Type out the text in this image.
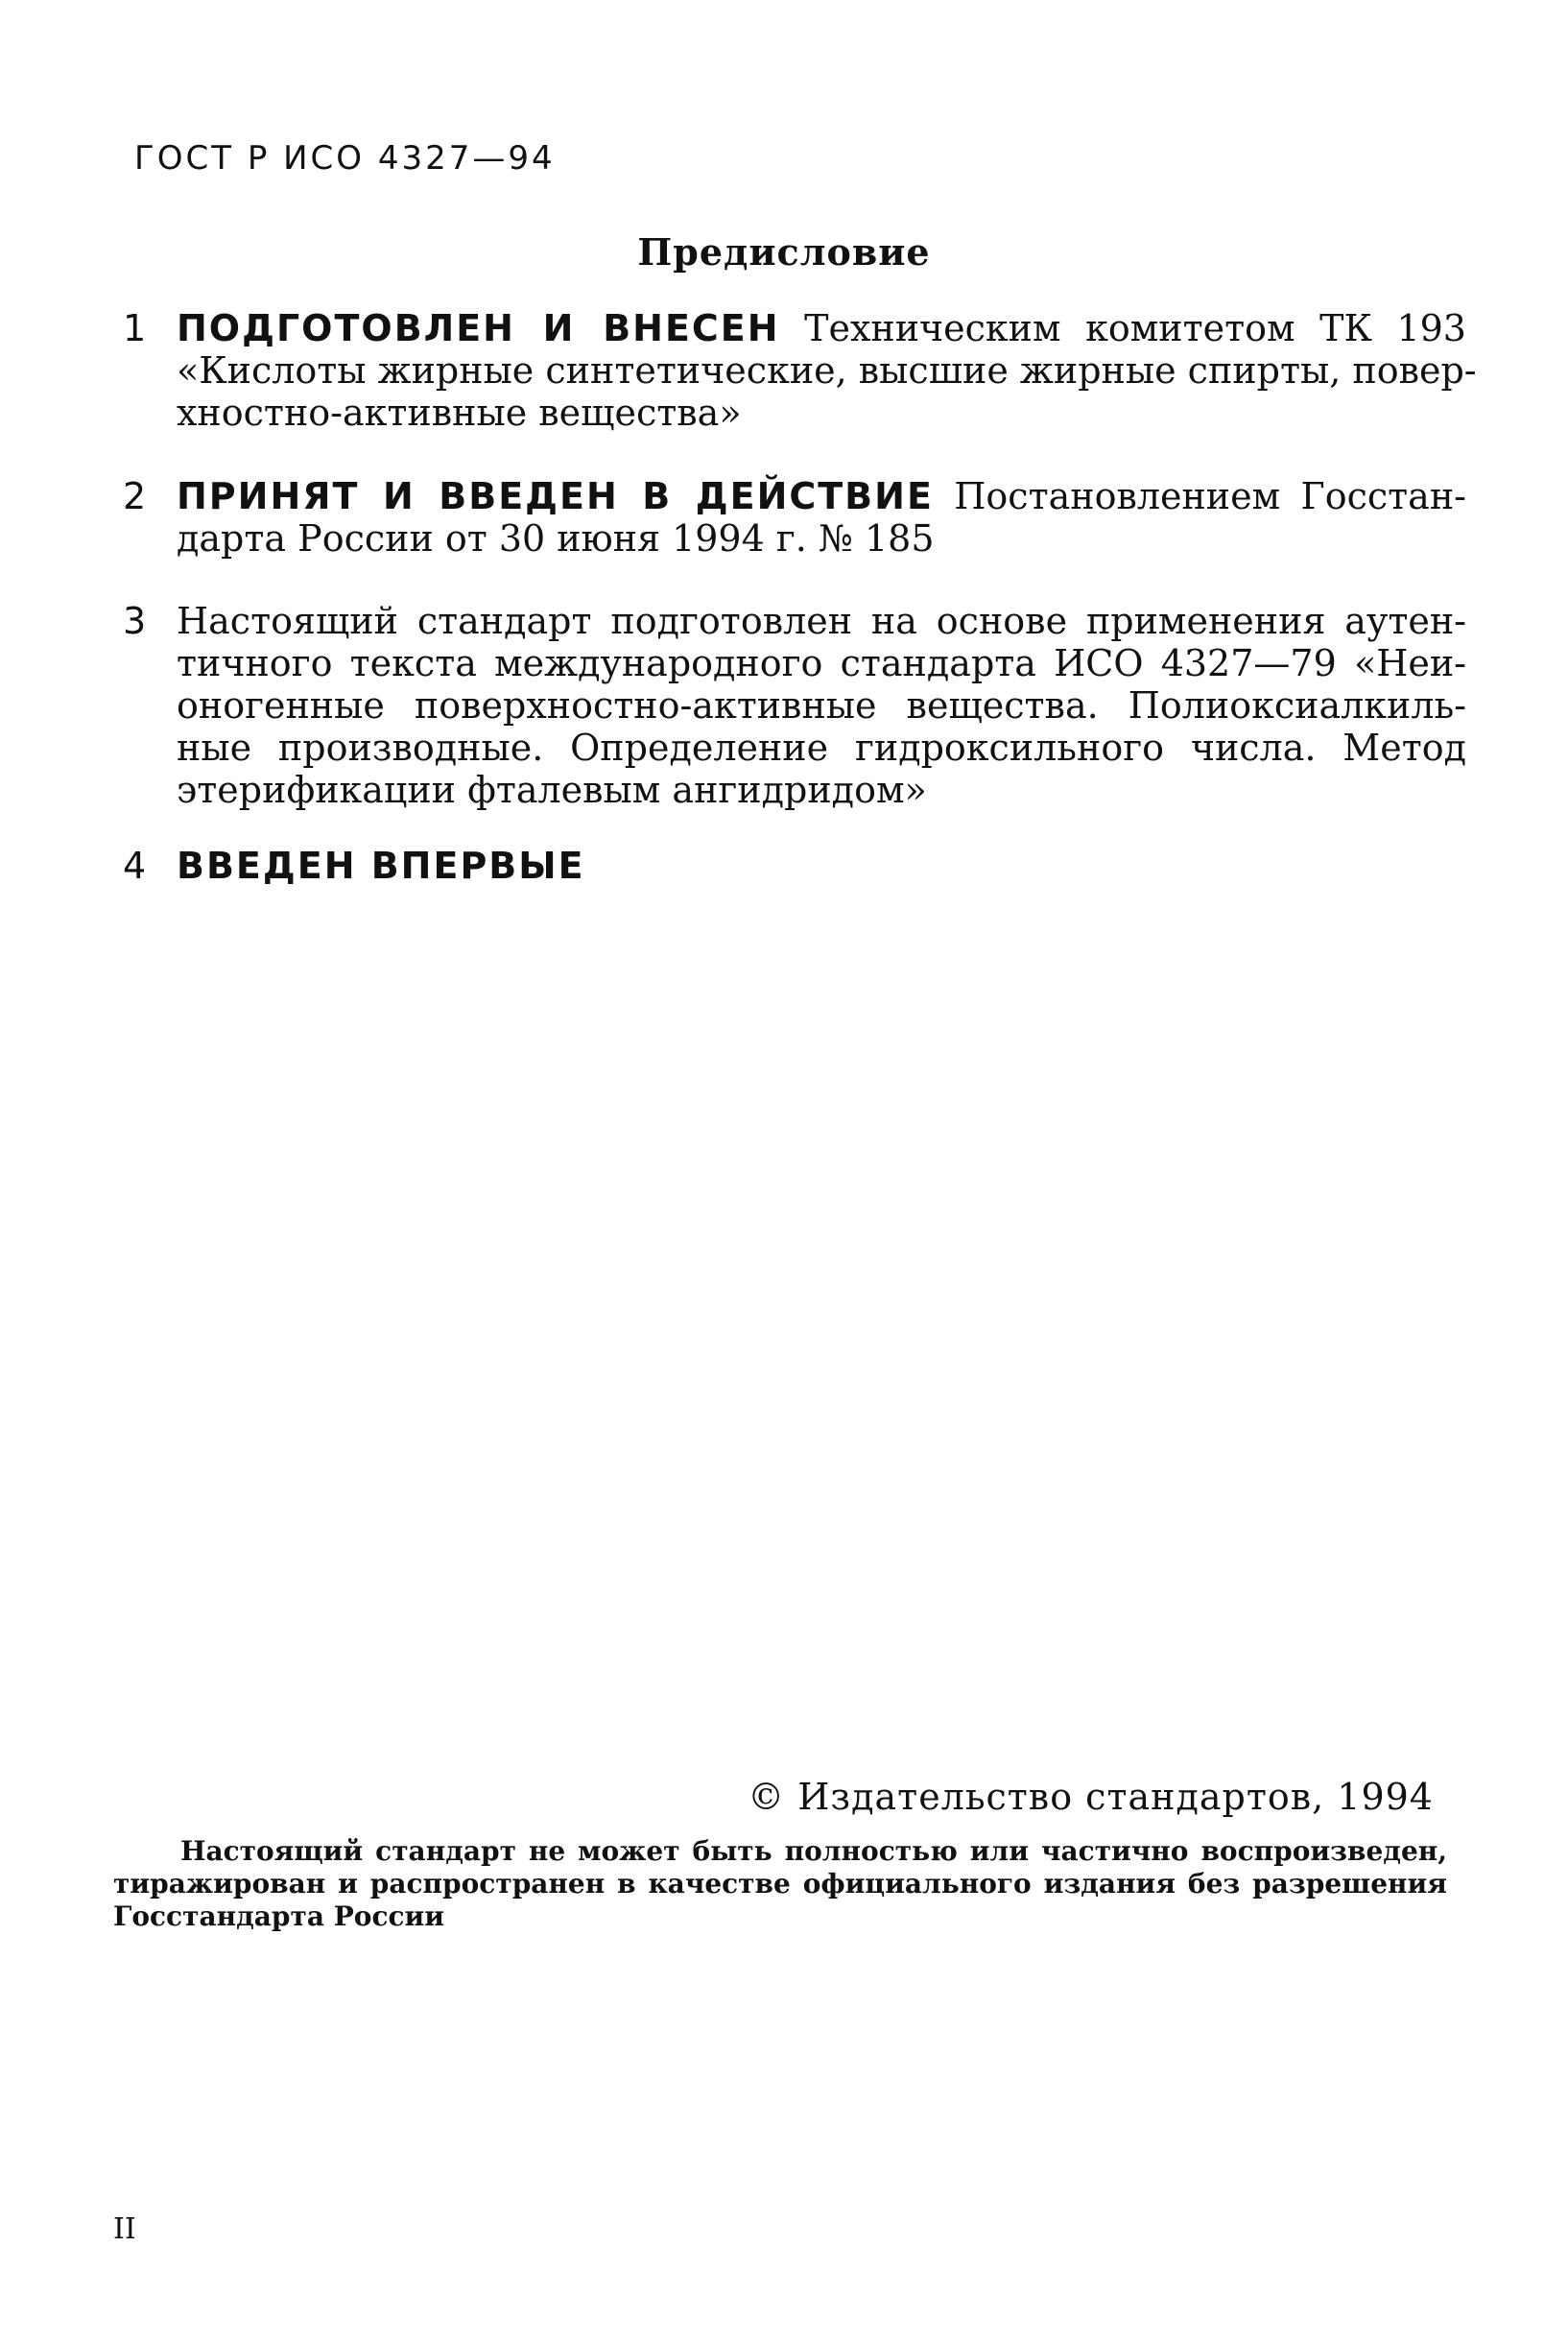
ГОСТ Р ИСО 4327—94
Предисловие
1 ПОДГОТОВЛЕН И ВНЕСЕН Техническим комитетом ТК 193
«Кислоты жирные синтетические, высшие жирные спирты, повер-
хностно-активные вещества»
2 ПРИНЯТ И ВВЕДЕН В ДЕЙСТВИЕ Постановлением Госстан-
дарта России от 30 июня 1994 г. № 185
3 Настоящий стандарт подготовлен на основе применения аутен-
тичного текста международного стандарта ИСО 4327—79 «Неи-
оногенные поверхностно-активные вещества. Полиоксиалкиль-
ные производные. Определение гидроксильного числа. Метод
этерификации фталевым ангидридом»
4 ВВЕДЕН ВПЕРВЫЕ
© Издательство стандартов, 1994
Настоящий стандарт не может быть полностью или частично воспроизведен,
тиражирован и распространен в качестве официального издания без разрешения
Госстандарта России
II
